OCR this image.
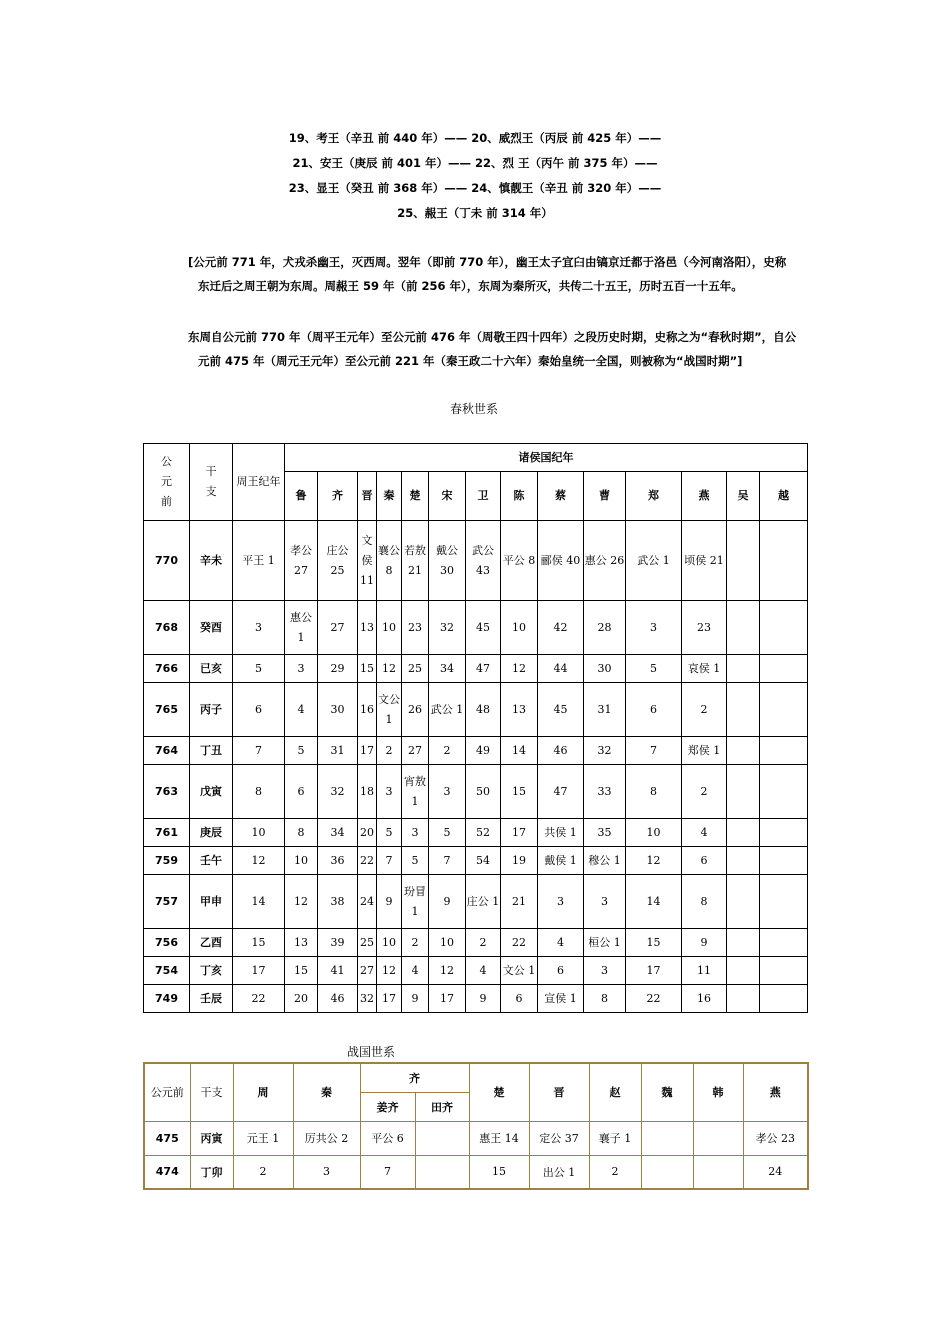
19、考王（辛丑 前 440 年）—— 20、威烈王（丙辰 前 425 年）——
21、安王（庚辰 前 401 年）—— 22、烈 王（丙午 前 375 年）——
23、显王（癸丑 前 368 年）—— 24、慎靓王（辛丑 前 320 年）——
25、赧王（丁未 前 314 年）
[公元前 771 年，犬戎杀幽王，灭西周。翌年（即前 770 年），幽王太子宜臼由镐京迁都于洛邑（今河南洛阳），史称
东迁后之周王朝为东周。周赧王 59 年（前 256 年），东周为秦所灭，共传二十五王，历时五百一十五年。
东周自公元前 770 年（周平王元年）至公元前 476 年（周敬王四十四年）之段历史时期，史称之为“春秋时期”，自公
元前 475 年（周元王元年）至公元前 221 年（秦王政二十六年）秦始皇统一全国，则被称为“战国时期”]
春秋世系
公元前	干支	周王纪年	诸侯国纪年													
			鲁	齐	晋	秦	楚	宋	卫	陈	蔡	曹	郑	燕	吴	越
770	辛未	平王 1	孝公 27	庄公 25	文侯 11	襄公 8	若敖 21	戴公 30	武公 43	平公 8	郦侯 40	惠公 26	武公 1	顷侯 21		
768	癸酉	3	惠公 1	27	13	10	23	32	45	10	42	28	3	23		
766	已亥	5	3	29	15	12	25	34	47	12	44	30	5	哀侯 1		
765	丙子	6	4	30	16	文公 1	26	武公 1	48	13	45	31	6	2		
764	丁丑	7	5	31	17	2	27	2	49	14	46	32	7	郑侯 1		
763	戊寅	8	6	32	18	3	宵敖 1	3	50	15	47	33	8	2		
761	庚辰	10	8	34	20	5	3	5	52	17	共侯 1	35	10	4		
759	壬午	12	10	36	22	7	5	7	54	19	戴侯 1	穆公 1	12	6		
757	甲申	14	12	38	24	9	玢冒 1	9	庄公 1	21	3	3	14	8		
756	乙酉	15	13	39	25	10	2	10	2	22	4	桓公 1	15	9		
754	丁亥	17	15	41	27	12	4	12	4	文公 1	6	3	17	11		
749	壬辰	22	20	46	32	17	9	17	9	6	宣侯 1	8	22	16		
战国世系
公元前	干支	周	秦	齐		楚	晋	赵	魏	韩	燕
				姜齐	田齐						
475	丙寅	元王 1	厉共公 2	平公 6		惠王 14	定公 37	襄子 1			孝公 23
474	丁卯	2	3	7		15	出公 1	2			24
